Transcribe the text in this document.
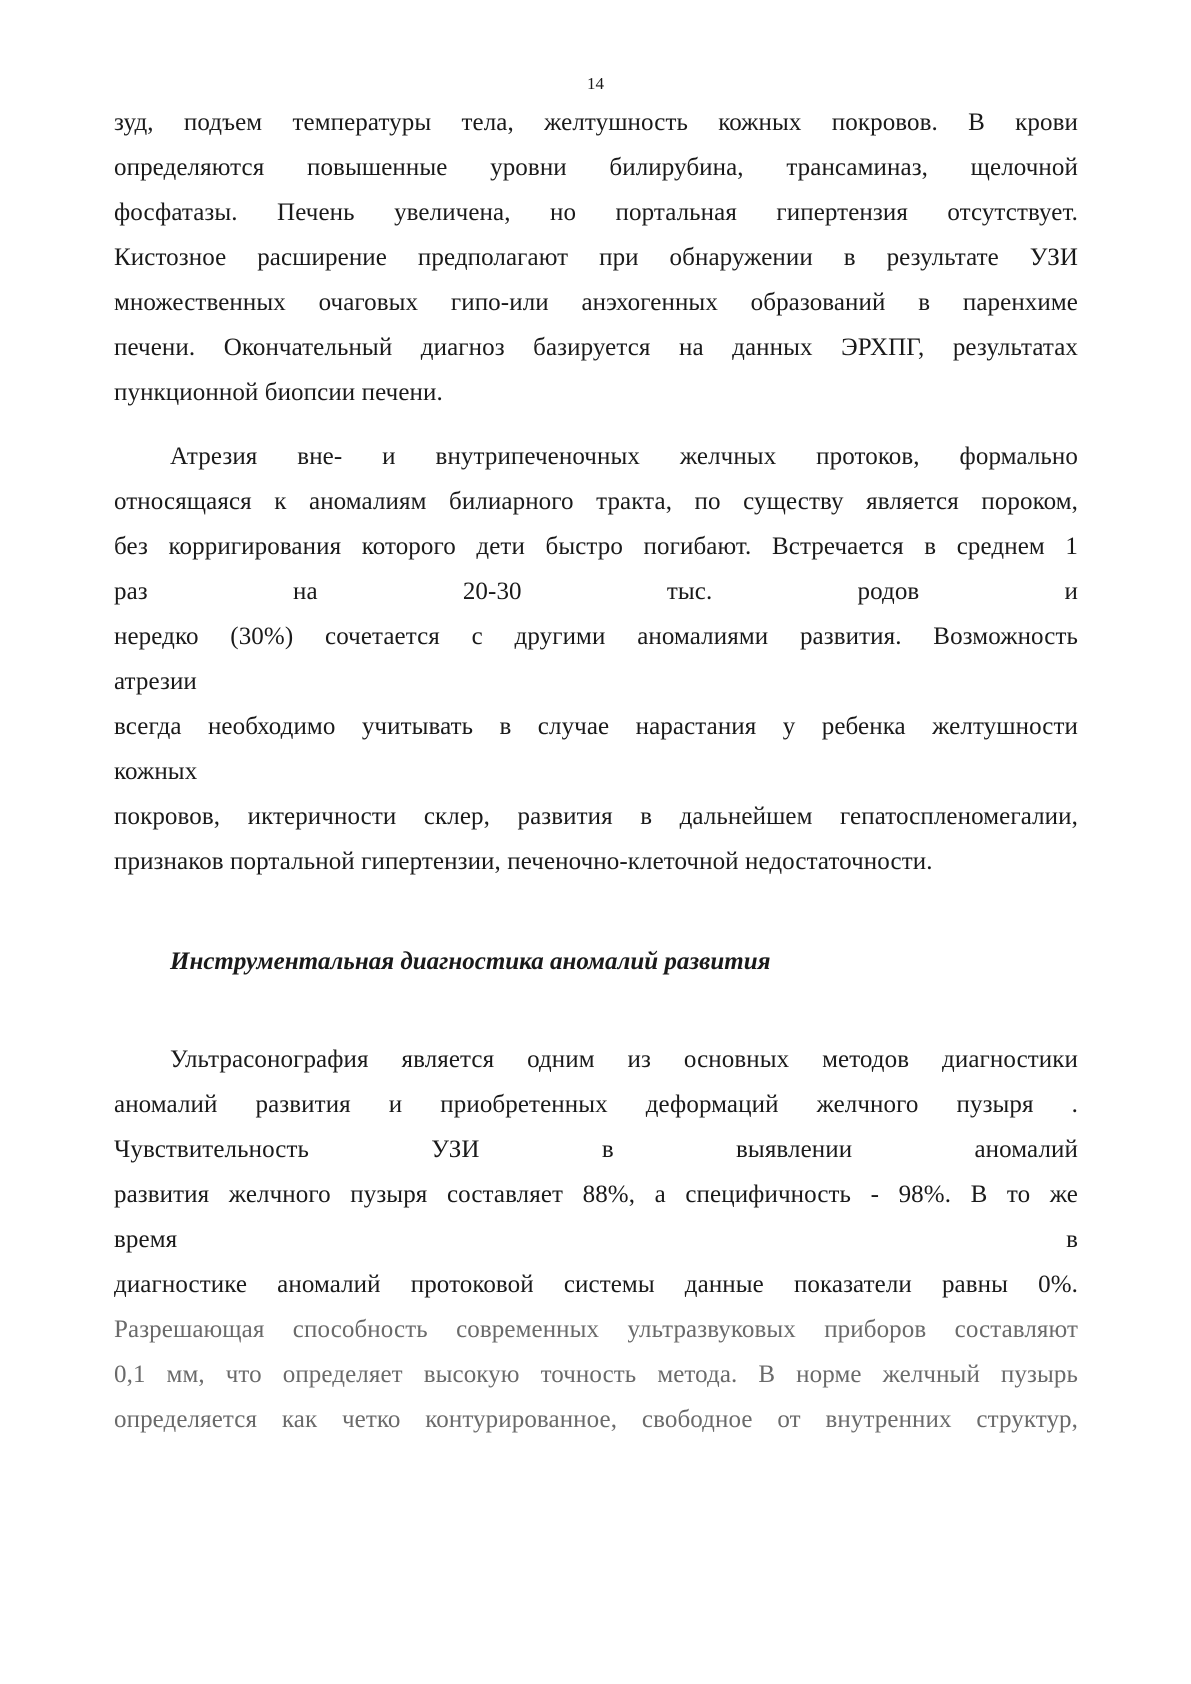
14
зуд, подъем температуры тела, желтушность кожных покровов. В крови
определяются повышенные уровни билирубина, трансаминаз, щелочной
фосфатазы. Печень увеличена, но портальная гипертензия отсутствует.
Кистозное расширение предполагают при обнаружении в результате УЗИ
множественных очаговых гипо-или анэхогенных образований в паренхиме
печени. Окончательный диагноз базируется на данных ЭРХПГ, результатах
пункционной биопсии печени.
Атрезия вне- и внутрипеченочных желчных протоков, формально
относящаяся к аномалиям билиарного тракта, по существу является пороком,
без корригирования которого дети быстро погибают. Встречается в среднем 1
раз на 20-30 тыс. родов и
нередко (30%) сочетается с другими аномалиями развития. Возможность
атрезии
всегда необходимо учитывать в случае нарастания у ребенка желтушности
кожных
покровов, иктеричности склер, развития в дальнейшем гепатоспленомегалии,
признаков портальной гипертензии, печеночно-клеточной недостаточности.
Инструментальная диагностика аномалий развития
Ультрасонография является одним из основных методов диагностики
аномалий развития и приобретенных деформаций желчного пузыря .
Чувствительность УЗИ в выявлении аномалий
развития желчного пузыря составляет 88%, а специфичность - 98%. В то же
время в
диагностике аномалий протоковой системы данные показатели равны 0%.
Разрешающая способность современных ультразвуковых приборов составляют
0,1 мм, что определяет высокую точность метода. В норме желчный пузырь
определяется как четко контурированное, свободное от внутренних структур,
